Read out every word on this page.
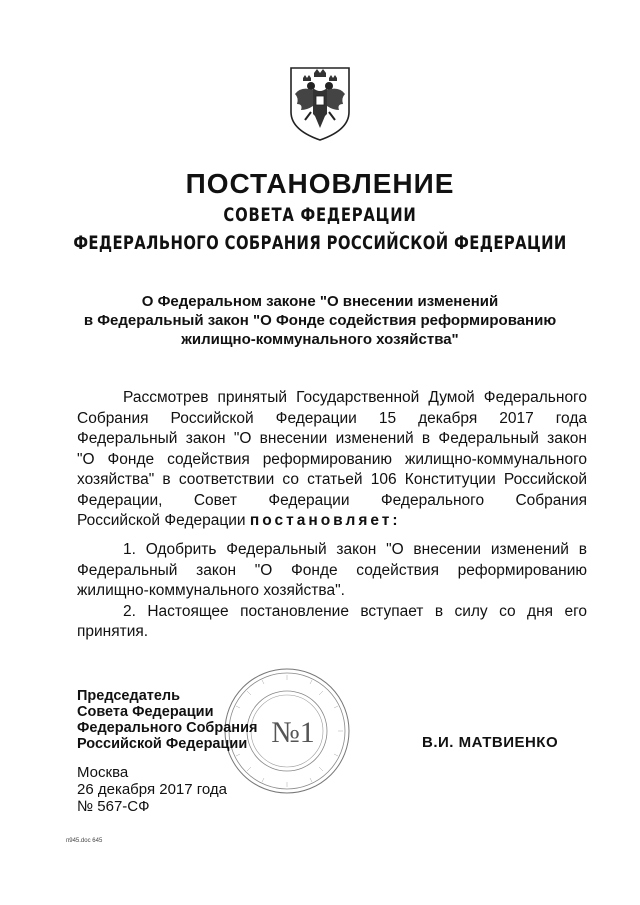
ПОСТАНОВЛЕНИЕ
СОВЕТА ФЕДЕРАЦИИ
ФЕДЕРАЛЬНОГО СОБРАНИЯ РОССИЙСКОЙ ФЕДЕРАЦИИ
О Федеральном законе "О внесении изменений
в Федеральный закон "О Фонде содействия реформированию
жилищно-коммунального хозяйства"
Рассмотрев принятый Государственной Думой Федерального
Собрания Российской Федерации 15 декабря 2017 года
Федеральный закон "О внесении изменений в Федеральный закон
"О Фонде содействия реформированию жилищно-коммунального
хозяйства" в соответствии со статьей 106 Конституции Российской
Федерации, Совет Федерации Федерального Собрания
Российской Федерации постановляет:
1. Одобрить Федеральный закон "О внесении изменений в
Федеральный закон "О Фонде содействия реформированию
жилищно-коммунального хозяйства".
2. Настоящее постановление вступает в силу со дня его
принятия.
№1
Председатель
Совета Федерации
Федерального Собрания
Российской Федерации	В.И. МАТВИЕНКО
Москва
26 декабря 2017 года
№ 567-СФ
п945.doc 645
